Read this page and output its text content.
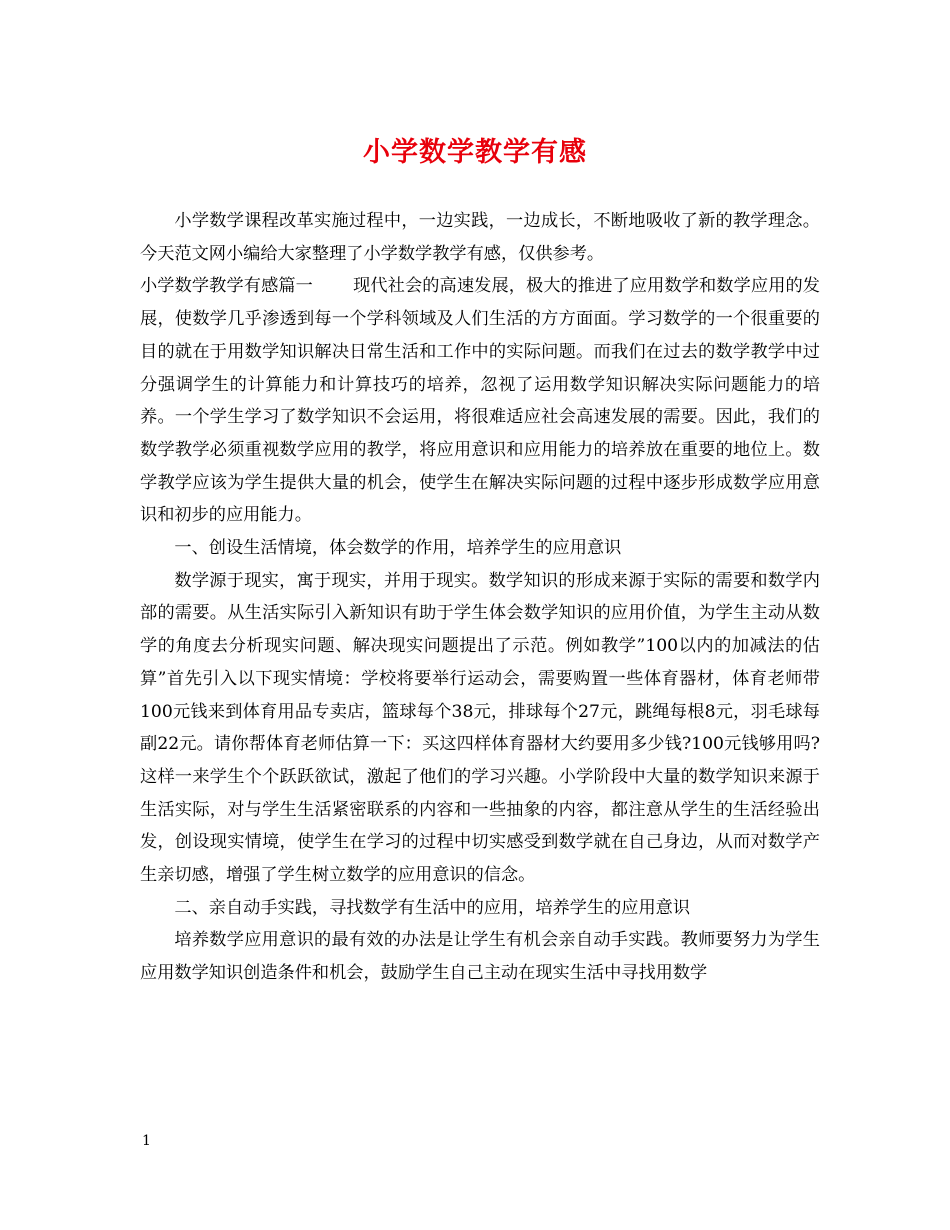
小学数学教学有感

小学数学课程改革实施过程中，一边实践，一边成长，不断地吸收了新的教学理念。今天范文网小编给大家整理了小学数学教学有感，仅供参考。

小学数学教学有感篇一 现代社会的高速发展，极大的推进了应用数学和数学应用的发展，使数学几乎渗透到每一个学科领域及人们生活的方方面面。学习数学的一个很重要的目的就在于用数学知识解决日常生活和工作中的实际问题。而我们在过去的数学教学中过分强调学生的计算能力和计算技巧的培养，忽视了运用数学知识解决实际问题能力的培养。一个学生学习了数学知识不会运用，将很难适应社会高速发展的需要。因此，我们的数学教学必须重视数学应用的教学，将应用意识和应用能力的培养放在重要的地位上。数学教学应该为学生提供大量的机会，使学生在解决实际问题的过程中逐步形成数学应用意识和初步的应用能力。

一、创设生活情境，体会数学的作用，培养学生的应用意识

数学源于现实，寓于现实，并用于现实。数学知识的形成来源于实际的需要和数学内部的需要。从生活实际引入新知识有助于学生体会数学知识的应用价值，为学生主动从数学的角度去分析现实问题、解决现实问题提出了示范。例如教学”100以内的加减法的估算”首先引入以下现实情境：学校将要举行运动会，需要购置一些体育器材，体育老师带100元钱来到体育用品专卖店，篮球每个38元，排球每个27元，跳绳每根8元，羽毛球每副22元。请你帮体育老师估算一下：买这四样体育器材大约要用多少钱?100元钱够用吗?这样一来学生个个跃跃欲试，激起了他们的学习兴趣。小学阶段中大量的数学知识来源于生活实际，对与学生生活紧密联系的内容和一些抽象的内容，都注意从学生的生活经验出发，创设现实情境，使学生在学习的过程中切实感受到数学就在自己身边，从而对数学产生亲切感，增强了学生树立数学的应用意识的信念。

二、亲自动手实践，寻找数学有生活中的应用，培养学生的应用意识

培养数学应用意识的最有效的办法是让学生有机会亲自动手实践。教师要努力为学生应用数学知识创造条件和机会，鼓励学生自己主动在现实生活中寻找用数学

1
